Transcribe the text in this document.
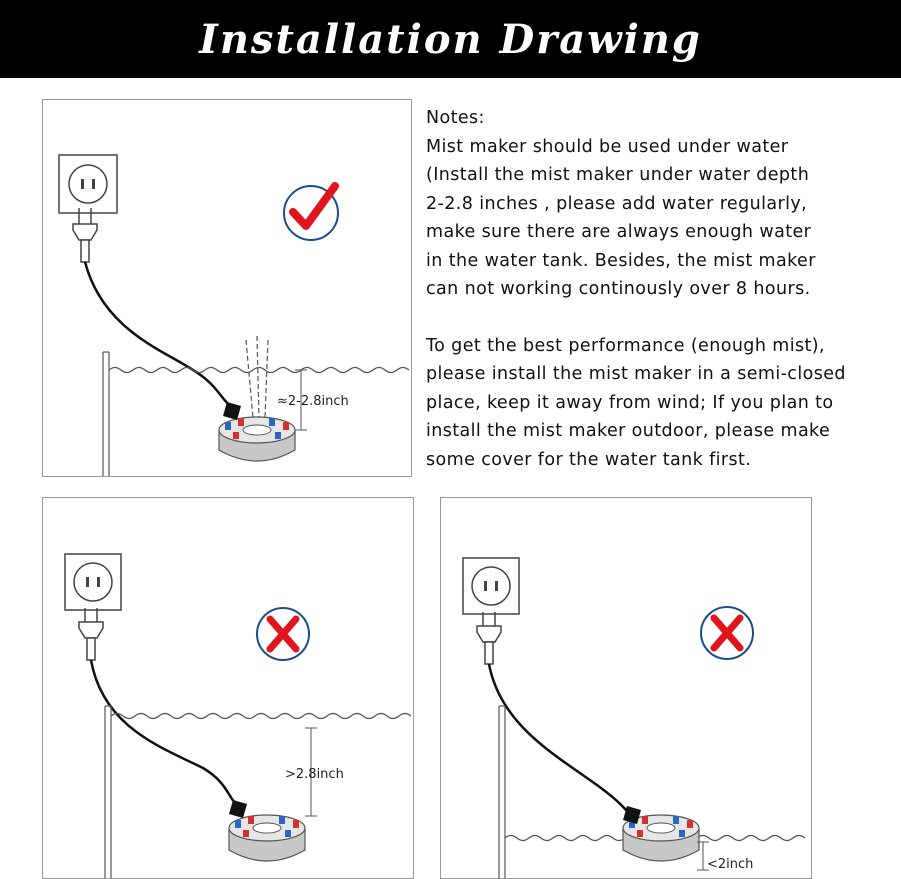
Installation Drawing
Notes:
Mist maker should be used under water
(Install the mist maker under water depth
2-2.8 inches , please add water regularly,
make sure there are always enough water
in the water tank. Besides, the mist maker
can not working continously over 8 hours.
To get the best performance (enough mist),
please install the mist maker in a semi-closed
place, keep it away from wind; If you plan to
install the mist maker outdoor, please make
some cover for the water tank first.
≈2-2.8inch
>2.8inch
<2inch
